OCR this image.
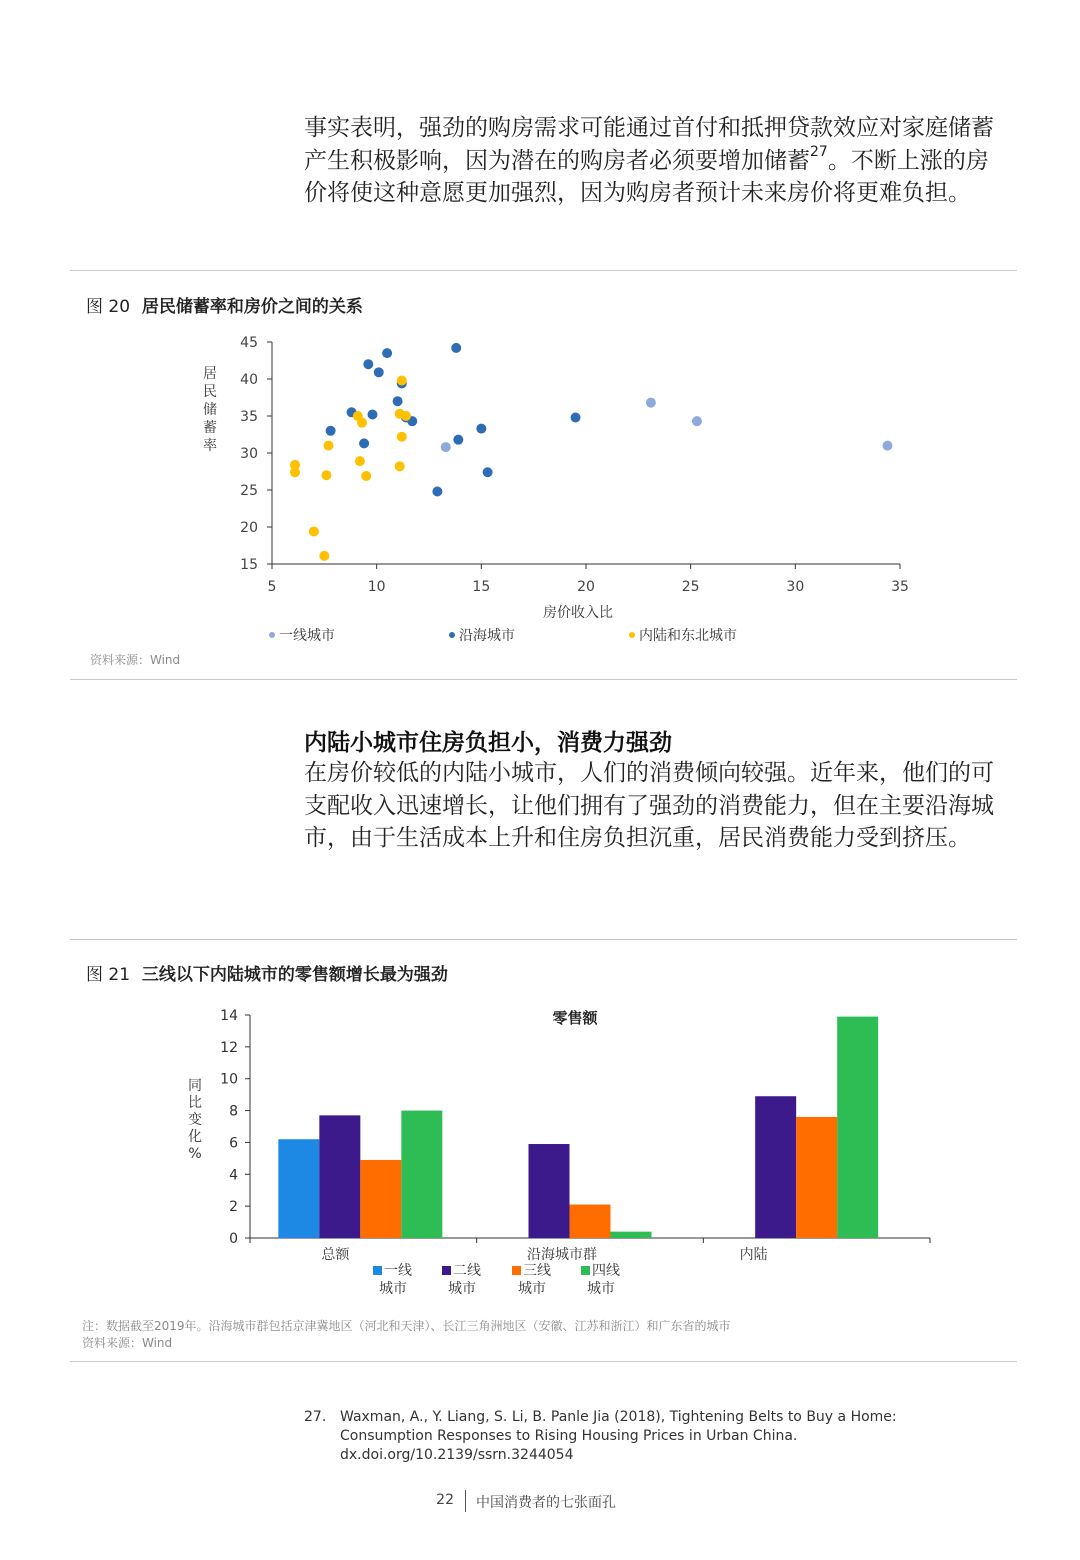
事实表明，强劲的购房需求可能通过首付和抵押贷款效应对家庭储蓄产生积极影响，因为潜在的购房者必须要增加储蓄$^{27}$。不断上涨的房价将使这种意愿更加强烈，因为购房者预计未来房价将更难负担。

图 20 居民储蓄率和房价之间的关系
15
20
25
30
35
40
45
5	10	15	20	25	30	35
房价收入比
居民储蓄率
一线城市	沿海城市	内陆和东北城市
资料来源：Wind
内陆小城市住房负担小，消费力强劲

在房价较低的内陆小城市，人们的消费倾向较强。近年来，他们的可支配收入迅速增长，让他们拥有了强劲的消费能力，但在主要沿海城市，由于生活成本上升和住房负担沉重，居民消费能力受到挤压。

图 21 三线以下内陆城市的零售额增长最为强劲
0
2
4
6
8
10
12
14	零售额
同比变化%
总额	沿海城市群	内陆
一线城市
二线城市
三线城市
四线城市
注：数据截至2019年。沿海城市群包括京津冀地区（河北和天津）、长江三角洲地区（安徽、江苏和浙江）和广东省的城市
资料来源：Wind
27. Waxman, A., Y. Liang, S. Li, B. Panle Jia (2018), Tightening Belts to Buy a Home: Consumption Responses to Rising Housing Prices in Urban China. dx.doi.org/10.2139/ssrn.3244054
22 中国消费者的七张面孔
